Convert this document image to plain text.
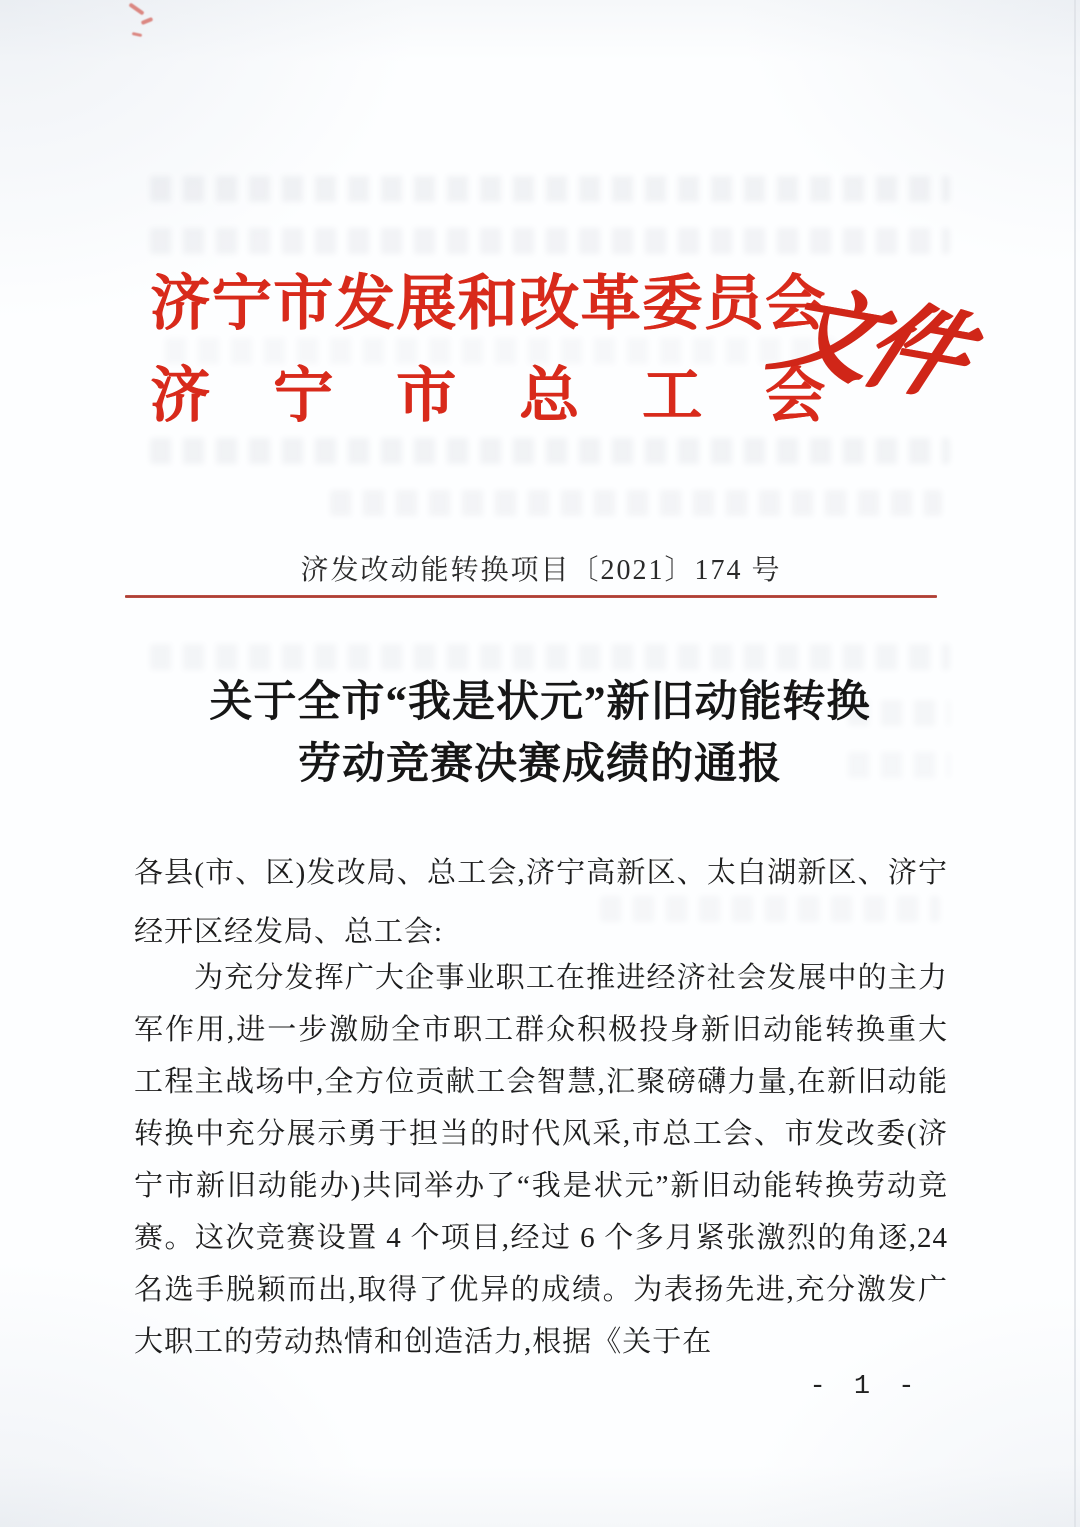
济宁市发展和改革委员会
济宁市总工会
文件
济发改动能转换项目〔2021〕174 号
关于全市“我是状元”新旧动能转换
劳动竞赛决赛成绩的通报
各县(市、区)发改局、总工会,济宁高新区、太白湖新区、济宁经开区经发局、总工会:
为充分发挥广大企事业职工在推进经济社会发展中的主力军作用,进一步激励全市职工群众积极投身新旧动能转换重大工程主战场中,全方位贡献工会智慧,汇聚磅礴力量,在新旧动能转换中充分展示勇于担当的时代风采,市总工会、市发改委(济宁市新旧动能办)共同举办了“我是状元”新旧动能转换劳动竞赛。这次竞赛设置 4 个项目,经过 6 个多月紧张激烈的角逐,24 名选手脱颖而出,取得了优异的成绩。为表扬先进,充分激发广大职工的劳动热情和创造活力,根据《关于在
- 1 -
